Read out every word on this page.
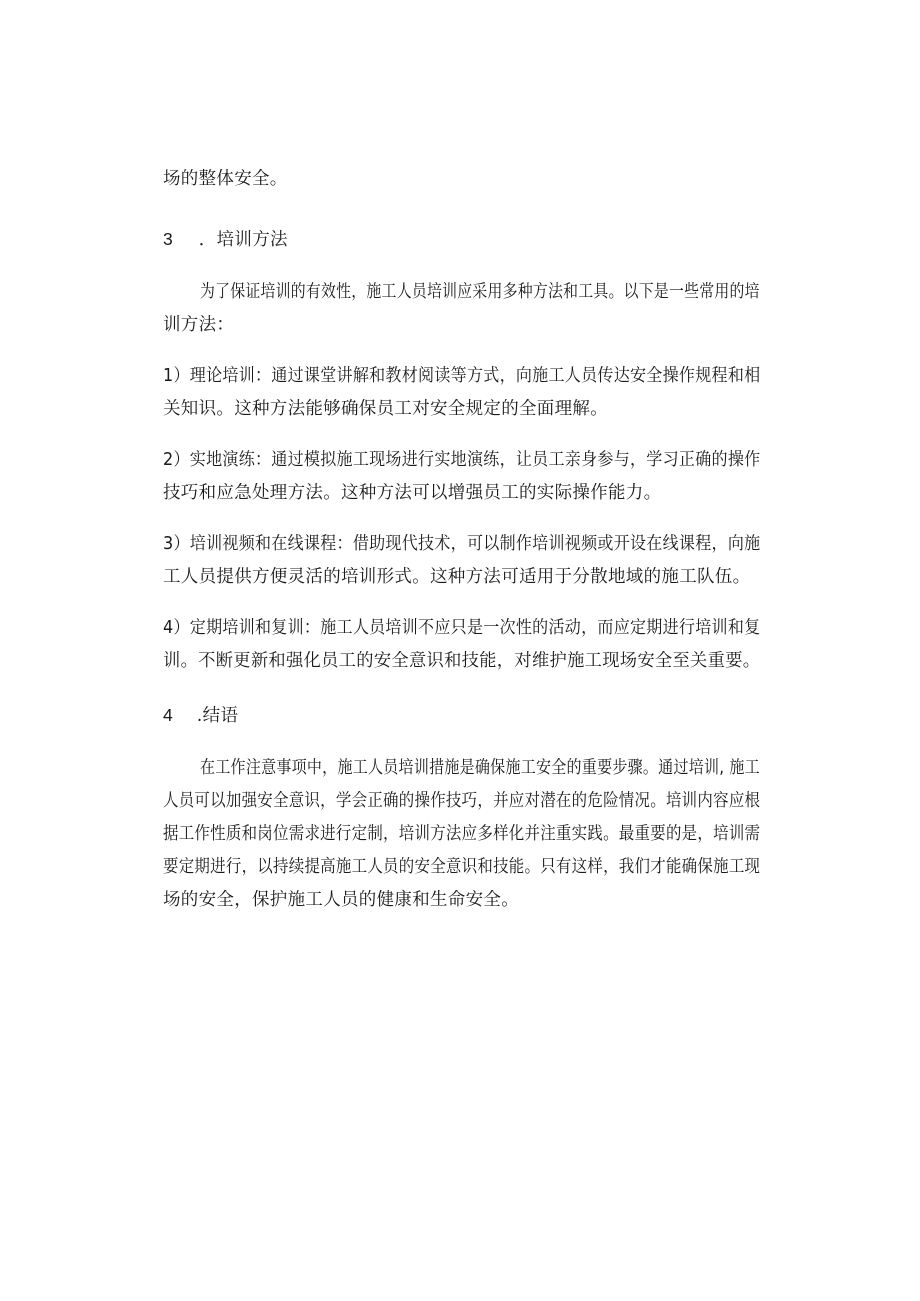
场的整体安全。

3 ．培训方法

为了保证培训的有效性，施工人员培训应采用多种方法和工具。以下是一些常用的培

训方法：

1）理论培训：通过课堂讲解和教材阅读等方式，向施工人员传达安全操作规程和相

关知识。这种方法能够确保员工对安全规定的全面理解。

2）实地演练：通过模拟施工现场进行实地演练，让员工亲身参与，学习正确的操作

技巧和应急处理方法。这种方法可以增强员工的实际操作能力。

3）培训视频和在线课程：借助现代技术，可以制作培训视频或开设在线课程，向施

工人员提供方便灵活的培训形式。这种方法可适用于分散地域的施工队伍。

4）定期培训和复训：施工人员培训不应只是一次性的活动，而应定期进行培训和复

训。不断更新和强化员工的安全意识和技能，对维护施工现场安全至关重要。

4 .结语

在工作注意事项中，施工人员培训措施是确保施工安全的重要步骤。通过培训, 施工

人员可以加强安全意识，学会正确的操作技巧，并应对潜在的危险情况。培训内容应根

据工作性质和岗位需求进行定制，培训方法应多样化并注重实践。最重要的是，培训需

要定期进行，以持续提高施工人员的安全意识和技能。只有这样，我们才能确保施工现

场的安全，保护施工人员的健康和生命安全。
